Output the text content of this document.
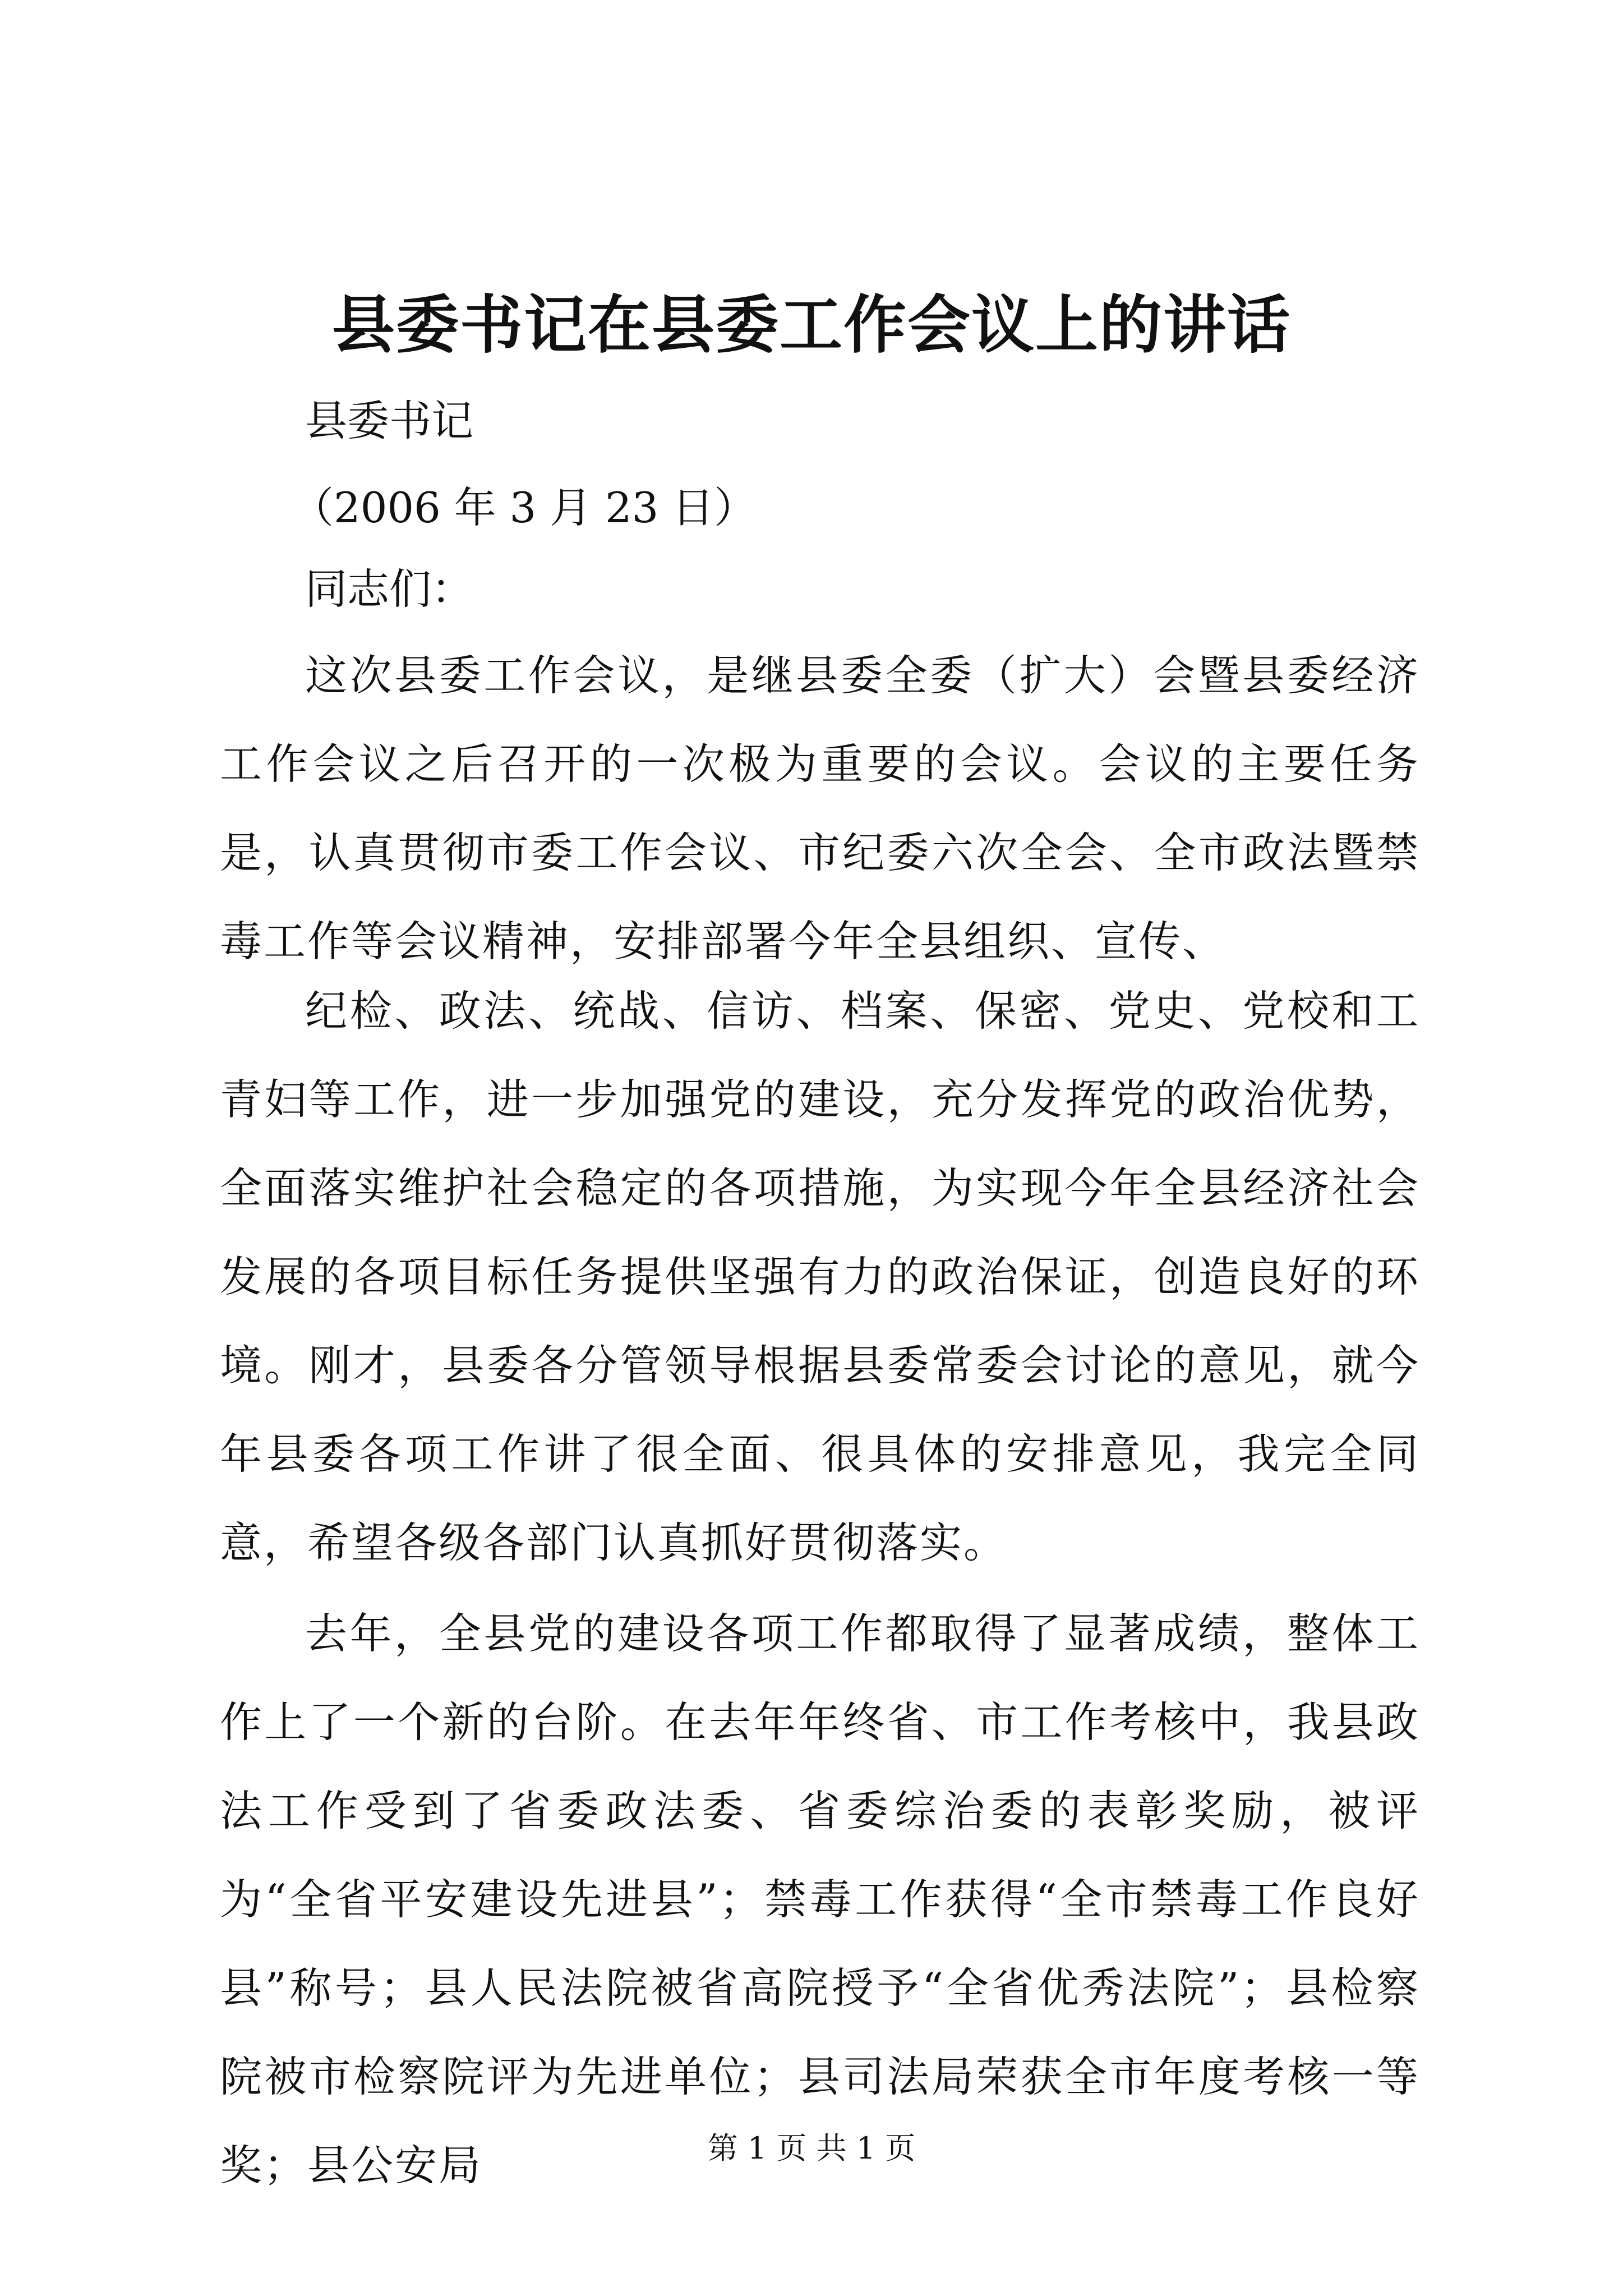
县委书记在县委工作会议上的讲话
县委书记
（2006 年 3 月 23 日）
同志们：
这次县委工作会议，是继县委全委（扩大）会暨县委经济工作会议之后召开的一次极为重要的会议。会议的主要任务是，认真贯彻市委工作会议、市纪委六次全会、全市政法暨禁毒工作等会议精神，安排部署今年全县组织、宣传、
纪检、政法、统战、信访、档案、保密、党史、党校和工青妇等工作，进一步加强党的建设，充分发挥党的政治优势，全面落实维护社会稳定的各项措施，为实现今年全县经济社会发展的各项目标任务提供坚强有力的政治保证，创造良好的环境。刚才，县委各分管领导根据县委常委会讨论的意见，就今年县委各项工作讲了很全面、很具体的安排意见，我完全同意，希望各级各部门认真抓好贯彻落实。
去年，全县党的建设各项工作都取得了显著成绩，整体工作上了一个新的台阶。在去年年终省、市工作考核中，我县政法工作受到了省委政法委、省委综治委的表彰奖励，被评为“全省平安建设先进县”；禁毒工作获得“全市禁毒工作良好县”称号；县人民法院被省高院授予“全省优秀法院”；县检察院被市检察院评为先进单位；县司法局荣获全市年度考核一等奖；县公安局	第 1 页 共 1 页
